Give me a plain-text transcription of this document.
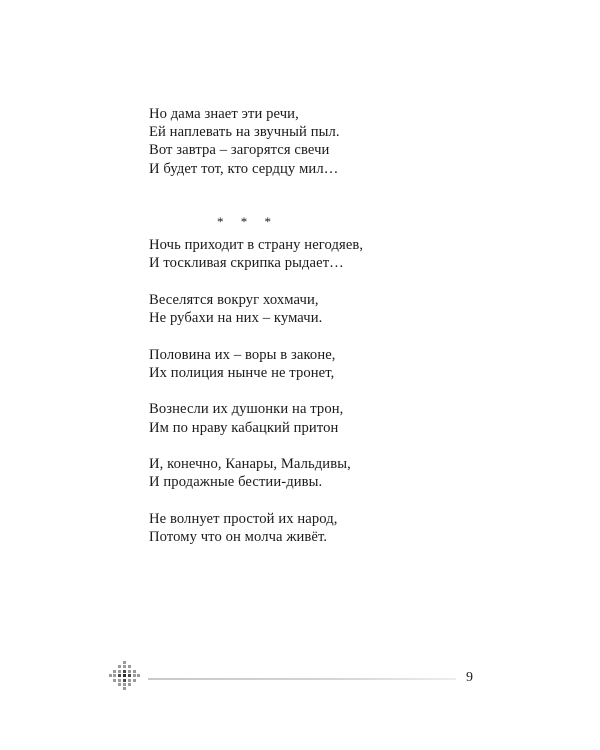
Но дама знает эти речи,
Ей наплевать на звучный пыл.
Вот завтра – загорятся свечи
И будет тот, кто сердцу мил…
* * *
Ночь приходит в страну негодяев,
И тоскливая скрипка рыдает…
Веселятся вокруг хохмачи,
Не рубахи на них – кумачи.
Половина их – воры в законе,
Их полиция нынче не тронет,
Вознесли их душонки на трон,
Им по нраву кабацкий притон
И, конечно, Канары, Мальдивы,
И продажные бестии-дивы.
Не волнует простой их народ,
Потому что он молча живёт.
9
